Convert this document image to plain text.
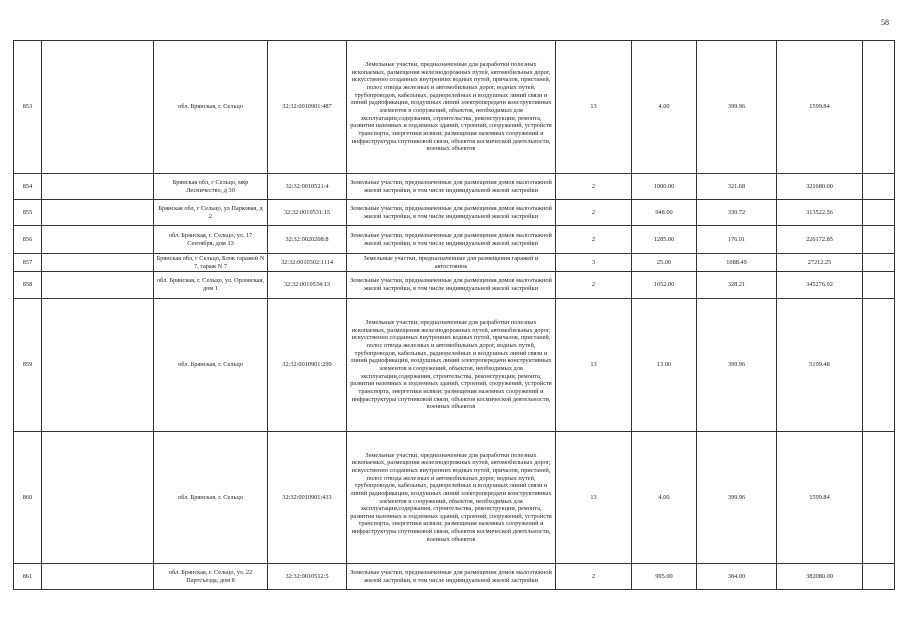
58
853		обл. Брянская, г. Сельцо	32:32:0010901:487	Земельные участки, предназначенные для разработки полезных ископаемых, размещения железнодорожных путей, автомобильных дорог, искусственно созданных внутренних водных путей, причалов, пристаней, полос отвода железных и автомобильных дорог, водных путей, трубопроводов, кабельных, радиорелейных и воздушных линий связи и линий радиофикации, воздушных линий электропередачи конструктивных элементов и сооружений, объектов, необходимых для эксплуатации,содержания, строительства, реконструкции, ремонта, развития наземных и подземных зданий, строений, сооружений, устройств транспорта, энергетики исвязи; размещения наземных сооружений и инфраструктуры спутниковой связи, объектов космической деятельности, военных объектов	13	4.00	399.96	1599.84	
854		Брянская обл, г Сельцо, мкр Лесничество, д 30	32:32:0010521:4	Земельные участки, предназначенные для размещения домов малоэтажной жилой застройки, в том числе индивидуальной жилой застройки	2	1000.00	321.68	321680.00	
855		Брянская обл, г Сельцо, ул Парковая, д 2	32:32:0010531:15	Земельные участки, предназначенные для размещения домов малоэтажной жилой застройки, в том числе индивидуальной жилой застройки	2	948.00	330.72	313522.56	
856		обл. Брянская, г. Сельцо, ул. 17 Сентября, дом 13	32:32:0020208:8	Земельные участки, предназначенные для размещения домов малоэтажной жилой застройки, в том числе индивидуальной жилой застройки	2	1285.00	176.01	226172.85	
857		Брянская обл, г Сельцо, Блок гаражей N 7, гараж N 7	32:32:0010302:1114	Земельные участки, предназначенные для размещения гаражей и автостоянок	3	25.00	1088.49	27212.25	
858		обл. Брянская, г. Сельцо, ул. Орловская, дом 1	32:32:0010534:13	Земельные участки, предназначенные для размещения домов малоэтажной жилой застройки, в том числе индивидуальной жилой застройки	2	1052.00	328.21	345276.92	
859		обл. Брянская, г. Сельцо	32:32:0010901:299	Земельные участки, предназначенные для разработки полезных ископаемых, размещения железнодорожных путей, автомобильных дорог, искусственно созданных внутренних водных путей, причалов, пристаней, полос отвода железных и автомобильных дорог, водных путей, трубопроводов, кабельных, радиорелейных и воздушных линий связи и линий радиофикации, воздушных линий электропередачи конструктивных элементов и сооружений, объектов, необходимых для эксплуатации,содержания, строительства, реконструкции, ремонта, развития наземных и подземных зданий, строений, сооружений, устройств транспорта, энергетики исвязи; размещения наземных сооружений и инфраструктуры спутниковой связи, объектов космической деятельности, военных объектов	13	13.00	399.96	5199.48	
860		обл. Брянская, г. Сельцо	32:32:0010901:433	Земельные участки, предназначенные для разработки полезных ископаемых, размещения железнодорожных путей, автомобильных дорог, искусственно созданных внутренних водных путей, причалов, пристаней, полос отвода железных и автомобильных дорог, водных путей, трубопроводов, кабельных, радиорелейных и воздушных линий связи и линий радиофикации, воздушных линий электропередачи конструктивных элементов и сооружений, объектов, необходимых для эксплуатации,содержания, строительства, реконструкции, ремонта, развития наземных и подземных зданий, строений, сооружений, устройств транспорта, энергетики исвязи; размещения наземных сооружений и инфраструктуры спутниковой связи, объектов космической деятельности, военных объектов	13	4.00	399.96	1599.84	
861		обл. Брянская, г. Сельцо, ул. 22 Партсъезда, дом 8	32:32:0010512:5	Земельные участки, предназначенные для размещения домов малоэтажной жилой застройки, в том числе индивидуальной жилой застройки	2	995.00	384.00	382080.00	
